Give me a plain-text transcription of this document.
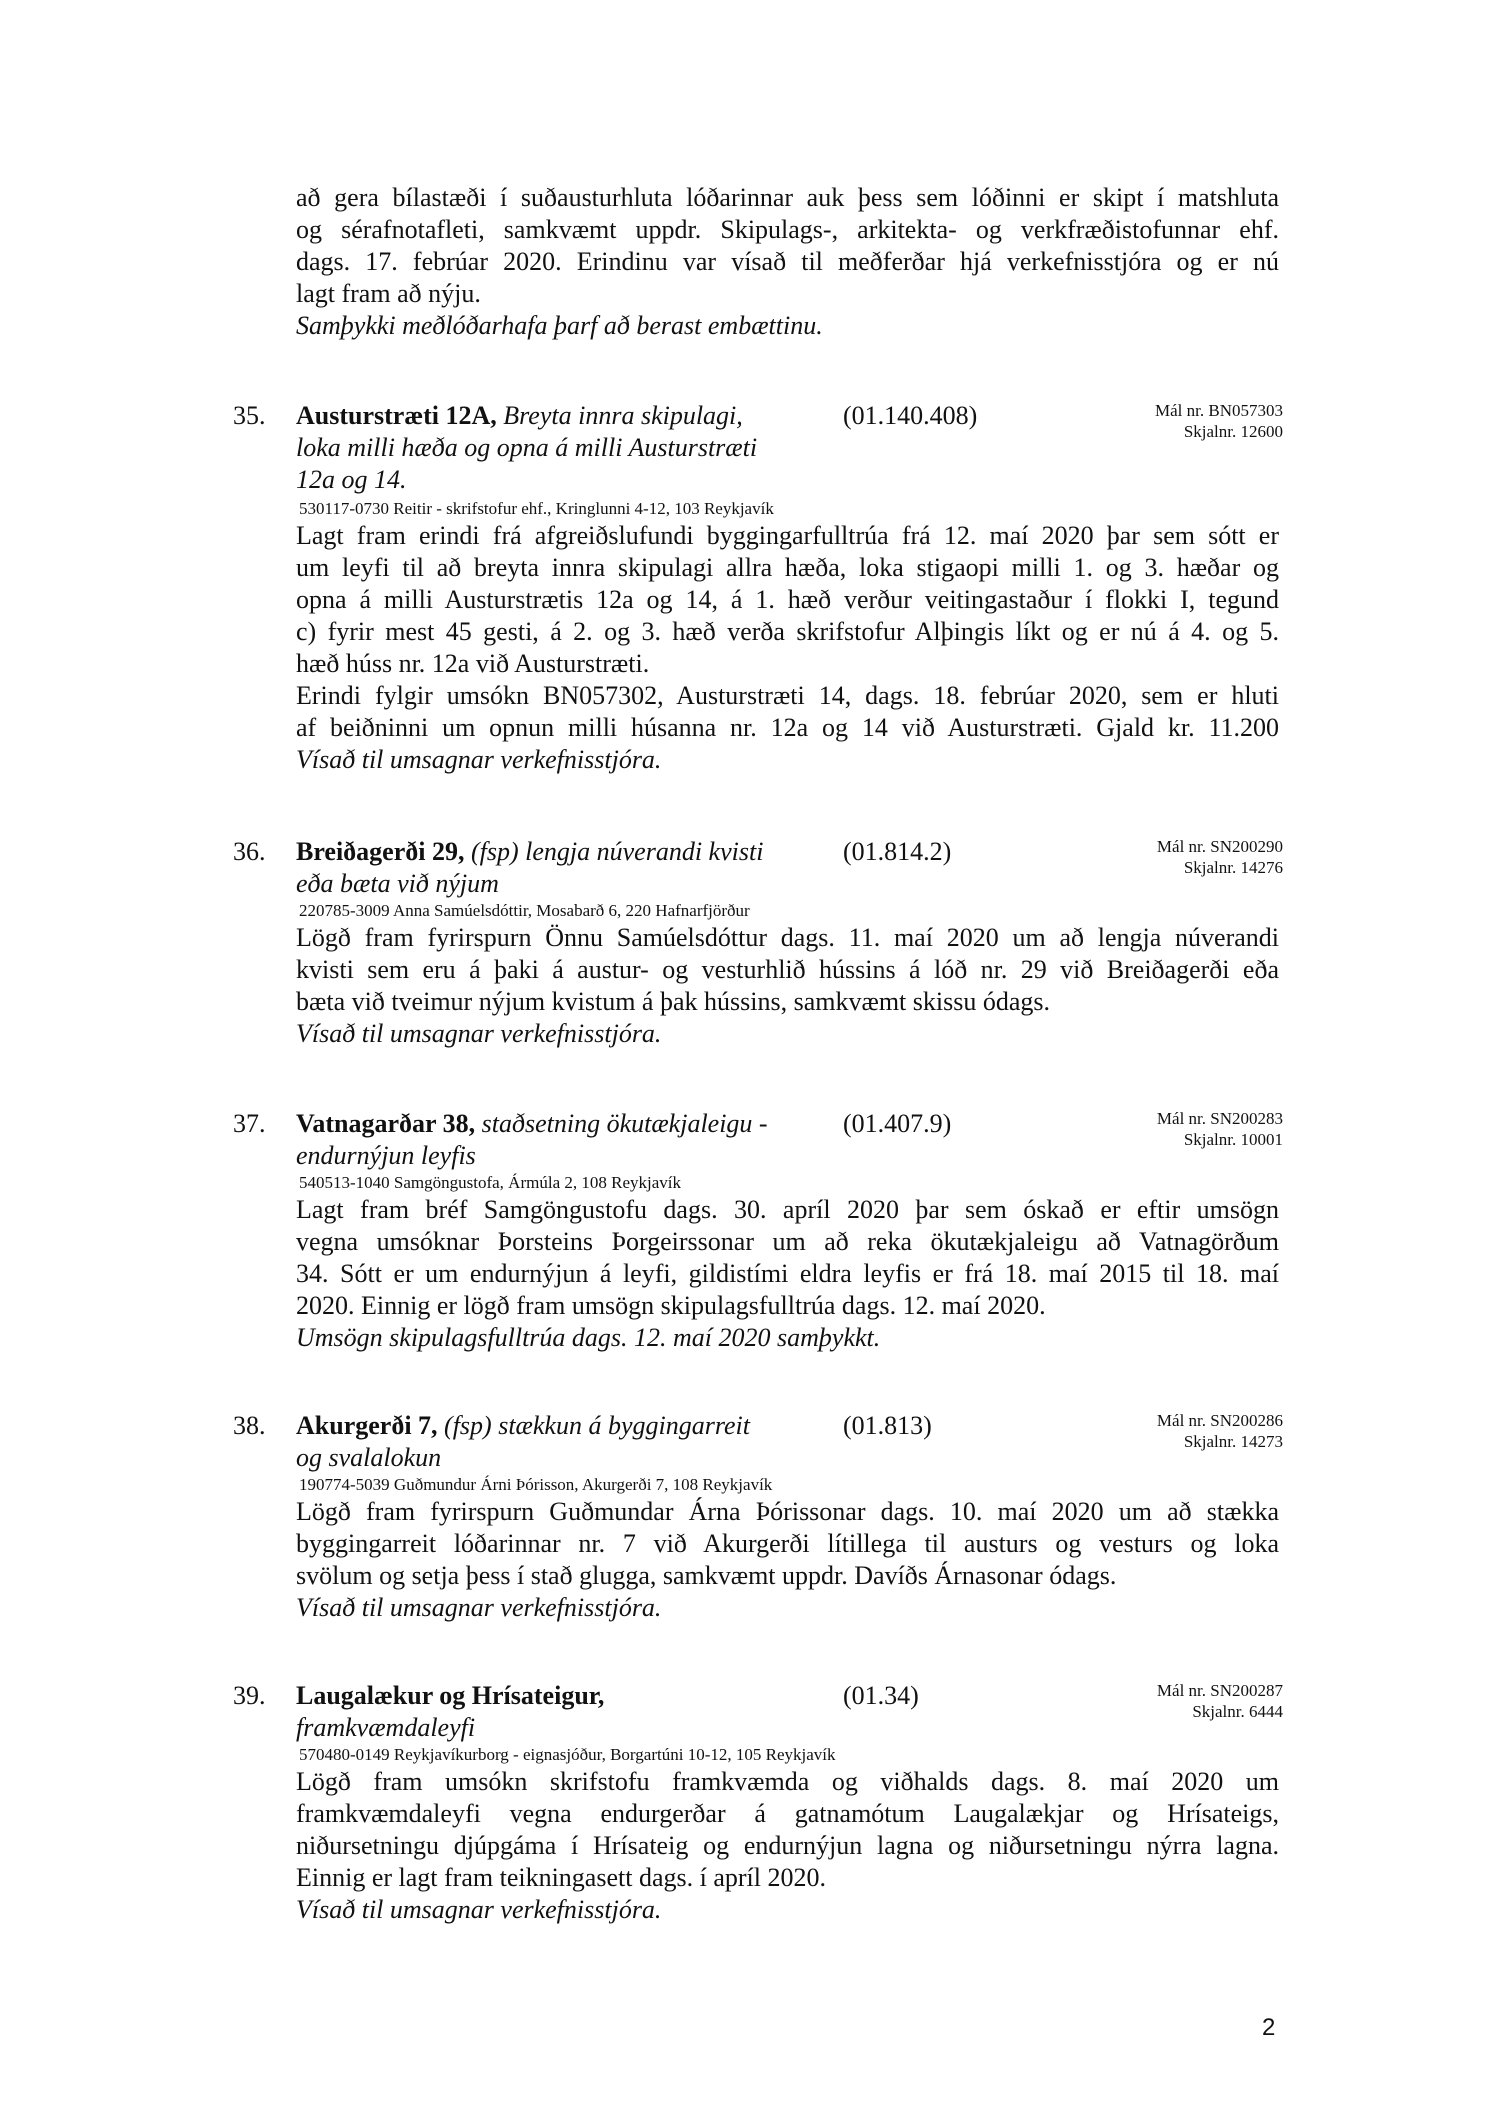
að gera bílastæði í suðausturhluta lóðarinnar auk þess sem lóðinni er skipt í matshluta
og sérafnotafleti, samkvæmt uppdr. Skipulags-, arkitekta- og verkfræðistofunnar ehf.
dags. 17. febrúar 2020. Erindinu var vísað til meðferðar hjá verkefnisstjóra og er nú
lagt fram að nýju.
Samþykki meðlóðarhafa þarf að berast embættinu.
35. Austurstræti 12A, Breyta innra skipulagi,
loka milli hæða og opna á milli Austurstræti
12a og 14.
(01.140.408)	Mál nr. BN057303
Skjalnr. 12600
530117-0730 Reitir - skrifstofur ehf., Kringlunni 4-12, 103 Reykjavík
Lagt fram erindi frá afgreiðslufundi byggingarfulltrúa frá 12. maí 2020 þar sem sótt er
um leyfi til að breyta innra skipulagi allra hæða, loka stigaopi milli 1. og 3. hæðar og
opna á milli Austurstrætis 12a og 14, á 1. hæð verður veitingastaður í flokki I, tegund
c) fyrir mest 45 gesti, á 2. og 3. hæð verða skrifstofur Alþingis líkt og er nú á 4. og 5.
hæð húss nr. 12a við Austurstræti.
Erindi fylgir umsókn BN057302, Austurstræti 14, dags. 18. febrúar 2020, sem er hluti
af beiðninni um opnun milli húsanna nr. 12a og 14 við Austurstræti. Gjald kr. 11.200
Vísað til umsagnar verkefnisstjóra.
36. Breiðagerði 29, (fsp) lengja núverandi kvisti
eða bæta við nýjum
(01.814.2)	Mál nr. SN200290
Skjalnr. 14276
220785-3009 Anna Samúelsdóttir, Mosabarð 6, 220 Hafnarfjörður
Lögð fram fyrirspurn Önnu Samúelsdóttur dags. 11. maí 2020 um að lengja núverandi
kvisti sem eru á þaki á austur- og vesturhlið hússins á lóð nr. 29 við Breiðagerði eða
bæta við tveimur nýjum kvistum á þak hússins, samkvæmt skissu ódags.
Vísað til umsagnar verkefnisstjóra.
37. Vatnagarðar 38, staðsetning ökutækjaleigu -
endurnýjun leyfis
(01.407.9)	Mál nr. SN200283
Skjalnr. 10001
540513-1040 Samgöngustofa, Ármúla 2, 108 Reykjavík
Lagt fram bréf Samgöngustofu dags. 30. apríl 2020 þar sem óskað er eftir umsögn
vegna umsóknar Þorsteins Þorgeirssonar um að reka ökutækjaleigu að Vatnagörðum
34. Sótt er um endurnýjun á leyfi, gildistími eldra leyfis er frá 18. maí 2015 til 18. maí
2020. Einnig er lögð fram umsögn skipulagsfulltrúa dags. 12. maí 2020.
Umsögn skipulagsfulltrúa dags. 12. maí 2020 samþykkt.
38. Akurgerði 7, (fsp) stækkun á byggingarreit
og svalalokun
(01.813)	Mál nr. SN200286
Skjalnr. 14273
190774-5039 Guðmundur Árni Þórisson, Akurgerði 7, 108 Reykjavík
Lögð fram fyrirspurn Guðmundar Árna Þórissonar dags. 10. maí 2020 um að stækka
byggingarreit lóðarinnar nr. 7 við Akurgerði lítillega til austurs og vesturs og loka
svölum og setja þess í stað glugga, samkvæmt uppdr. Davíðs Árnasonar ódags.
Vísað til umsagnar verkefnisstjóra.
39. Laugalækur og Hrísateigur,
framkvæmdaleyfi
(01.34)	Mál nr. SN200287
Skjalnr. 6444
570480-0149 Reykjavíkurborg - eignasjóður, Borgartúni 10-12, 105 Reykjavík
Lögð fram umsókn skrifstofu framkvæmda og viðhalds dags. 8. maí 2020 um
framkvæmdaleyfi vegna endurgerðar á gatnamótum Laugalækjar og Hrísateigs,
niðursetningu djúpgáma í Hrísateig og endurnýjun lagna og niðursetningu nýrra lagna.
Einnig er lagt fram teikningasett dags. í apríl 2020.
Vísað til umsagnar verkefnisstjóra.
2
